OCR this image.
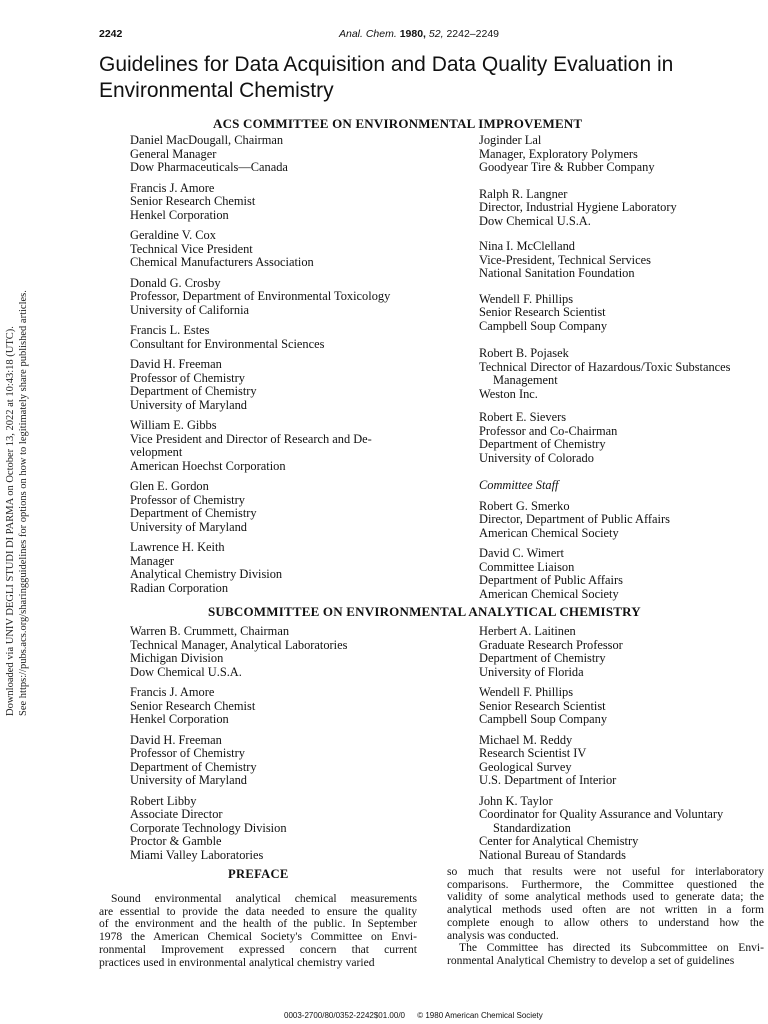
Downloaded via UNIV DEGLI STUDI DI PARMA on October 13, 2022 at 10:43:18 (UTC). See https://pubs.acs.org/sharingguidelines for options on how to legitimately share published articles.
2242	Anal. Chem. 1980, 52, 2242–2249
Guidelines for Data Acquisition and Data Quality Evaluation in Environmental Chemistry
ACS COMMITTEE ON ENVIRONMENTAL IMPROVEMENT
Daniel MacDougall, Chairman
General Manager
Dow Pharmaceuticals—Canada
Francis J. Amore
Senior Research Chemist
Henkel Corporation
Geraldine V. Cox
Technical Vice President
Chemical Manufacturers Association
Donald G. Crosby
Professor, Department of Environmental Toxicology
University of California
Francis L. Estes
Consultant for Environmental Sciences
David H. Freeman
Professor of Chemistry
Department of Chemistry
University of Maryland
William E. Gibbs
Vice President and Director of Research and De-
velopment
American Hoechst Corporation
Glen E. Gordon
Professor of Chemistry
Department of Chemistry
University of Maryland
Lawrence H. Keith
Manager
Analytical Chemistry Division
Radian Corporation
Joginder Lal
Manager, Exploratory Polymers
Goodyear Tire & Rubber Company
Ralph R. Langner
Director, Industrial Hygiene Laboratory
Dow Chemical U.S.A.
Nina I. McClelland
Vice-President, Technical Services
National Sanitation Foundation
Wendell F. Phillips
Senior Research Scientist
Campbell Soup Company
Robert B. Pojasek
Technical Director of Hazardous/Toxic Substances
Management
Weston Inc.
Robert E. Sievers
Professor and Co-Chairman
Department of Chemistry
University of Colorado
Committee Staff
Robert G. Smerko
Director, Department of Public Affairs
American Chemical Society
David C. Wimert
Committee Liaison
Department of Public Affairs
American Chemical Society
SUBCOMMITTEE ON ENVIRONMENTAL ANALYTICAL CHEMISTRY
Warren B. Crummett, Chairman
Technical Manager, Analytical Laboratories
Michigan Division
Dow Chemical U.S.A.
Francis J. Amore
Senior Research Chemist
Henkel Corporation
David H. Freeman
Professor of Chemistry
Department of Chemistry
University of Maryland
Robert Libby
Associate Director
Corporate Technology Division
Proctor & Gamble
Miami Valley Laboratories
Herbert A. Laitinen
Graduate Research Professor
Department of Chemistry
University of Florida
Wendell F. Phillips
Senior Research Scientist
Campbell Soup Company
Michael M. Reddy
Research Scientist IV
Geological Survey
U.S. Department of Interior
John K. Taylor
Coordinator for Quality Assurance and Voluntary
Standardization
Center for Analytical Chemistry
National Bureau of Standards
PREFACE
Sound environmental analytical chemical measurements
are essential to provide the data needed to ensure the quality
of the environment and the health of the public. In September
1978 the American Chemical Society's Committee on Envi-
ronmental Improvement expressed concern that current
practices used in environmental analytical chemistry varied
so much that results were not useful for interlaboratory
comparisons. Furthermore, the Committee questioned the
validity of some analytical methods used to generate data; the
analytical methods used often are not written in a form
complete enough to allow others to understand how the
analysis was conducted.
The Committee has directed its Subcommittee on Envi-
ronmental Analytical Chemistry to develop a set of guidelines
0003-2700/80/0352-2242$01.00/0 © 1980 American Chemical Society
